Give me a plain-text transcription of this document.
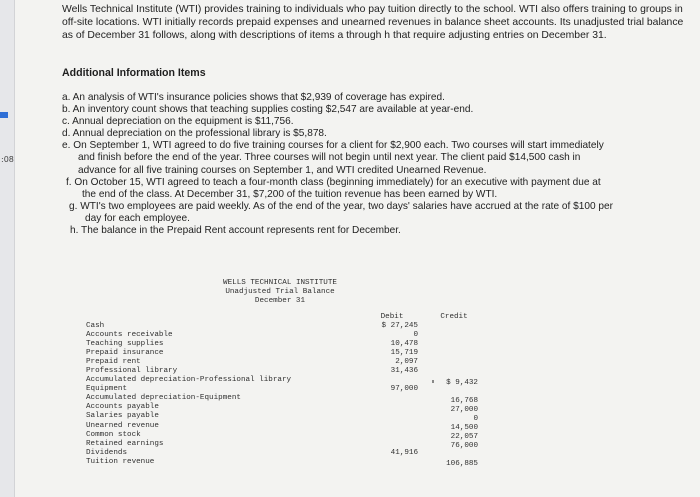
:08

Wells Technical Institute (WTI) provides training to individuals who pay tuition directly to the school. WTI also offers training to groups in off-site locations. WTI initially records prepaid expenses and unearned revenues in balance sheet accounts. Its unadjusted trial balance as of December 31 follows, along with descriptions of items a through h that require adjusting entries on December 31.

Additional Information Items

a. An analysis of WTI's insurance policies shows that $2,939 of coverage has expired.
b. An inventory count shows that teaching supplies costing $2,547 are available at year-end.
c. Annual depreciation on the equipment is $11,756.
d. Annual depreciation on the professional library is $5,878.
e. On September 1, WTI agreed to do five training courses for a client for $2,900 each. Two courses will start immediately
and finish before the end of the year. Three courses will not begin until next year. The client paid $14,500 cash in
advance for all five training courses on September 1, and WTI credited Unearned Revenue.
f. On October 15, WTI agreed to teach a four-month class (beginning immediately) for an executive with payment due at
the end of the class. At December 31, $7,200 of the tuition revenue has been earned by WTI.
g. WTI's two employees are paid weekly. As of the end of the year, two days' salaries have accrued at the rate of $100 per
day for each employee.
h. The balance in the Prepaid Rent account represents rent for December.
WELLS TECHNICAL INSTITUTE
Unadjusted Trial Balance
December 31
Debit	Credit
Cash
Accounts receivable
Teaching supplies
Prepaid insurance
Prepaid rent
Professional library
Accumulated depreciation-Professional library
Equipment
Accumulated depreciation-Equipment
Accounts payable
Salaries payable
Unearned revenue
Common stock
Retained earnings
Dividends
Tuition revenue
$ 27,245
0
10,478
15,719
2,097
31,436

97,000

41,916

$ 9,432
16,768
27,000
0
14,500
22,057
76,000
106,885
